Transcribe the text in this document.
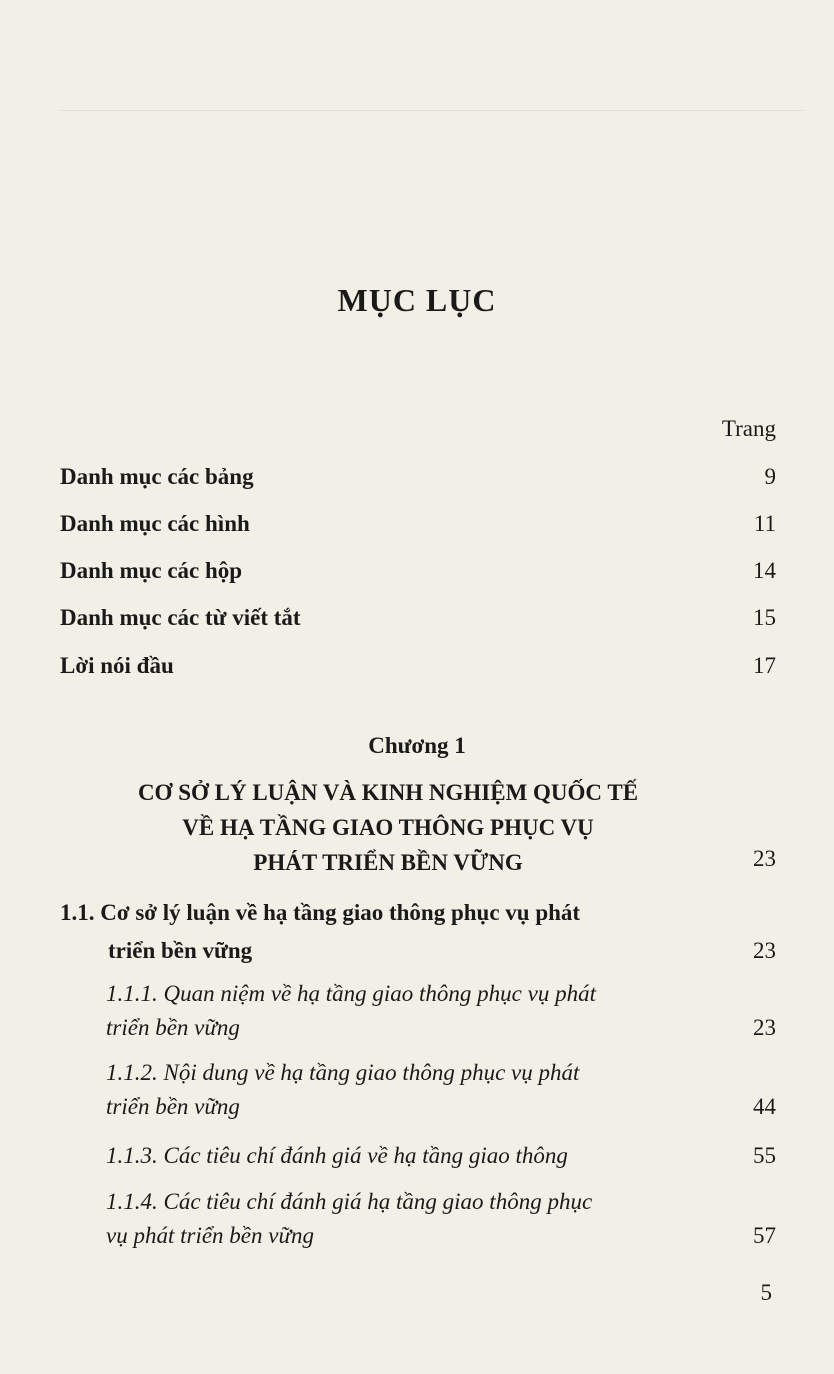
MỤC LỤC
Trang
Danh mục các bảng	9
Danh mục các hình	11
Danh mục các hộp	14
Danh mục các từ viết tắt	15
Lời nói đầu	17
Chương 1
CƠ SỞ LÝ LUẬN VÀ KINH NGHIỆM QUỐC TẾ
VỀ HẠ TẦNG GIAO THÔNG PHỤC VỤ
PHÁT TRIỂN BỀN VỮNG	23
1.1. Cơ sở lý luận về hạ tầng giao thông phục vụ phát
triển bền vững	23
1.1.1. Quan niệm về hạ tầng giao thông phục vụ phát
triển bền vững	23
1.1.2. Nội dung về hạ tầng giao thông phục vụ phát
triển bền vững	44
1.1.3. Các tiêu chí đánh giá về hạ tầng giao thông	55
1.1.4. Các tiêu chí đánh giá hạ tầng giao thông phục
vụ phát triển bền vững	57
5
